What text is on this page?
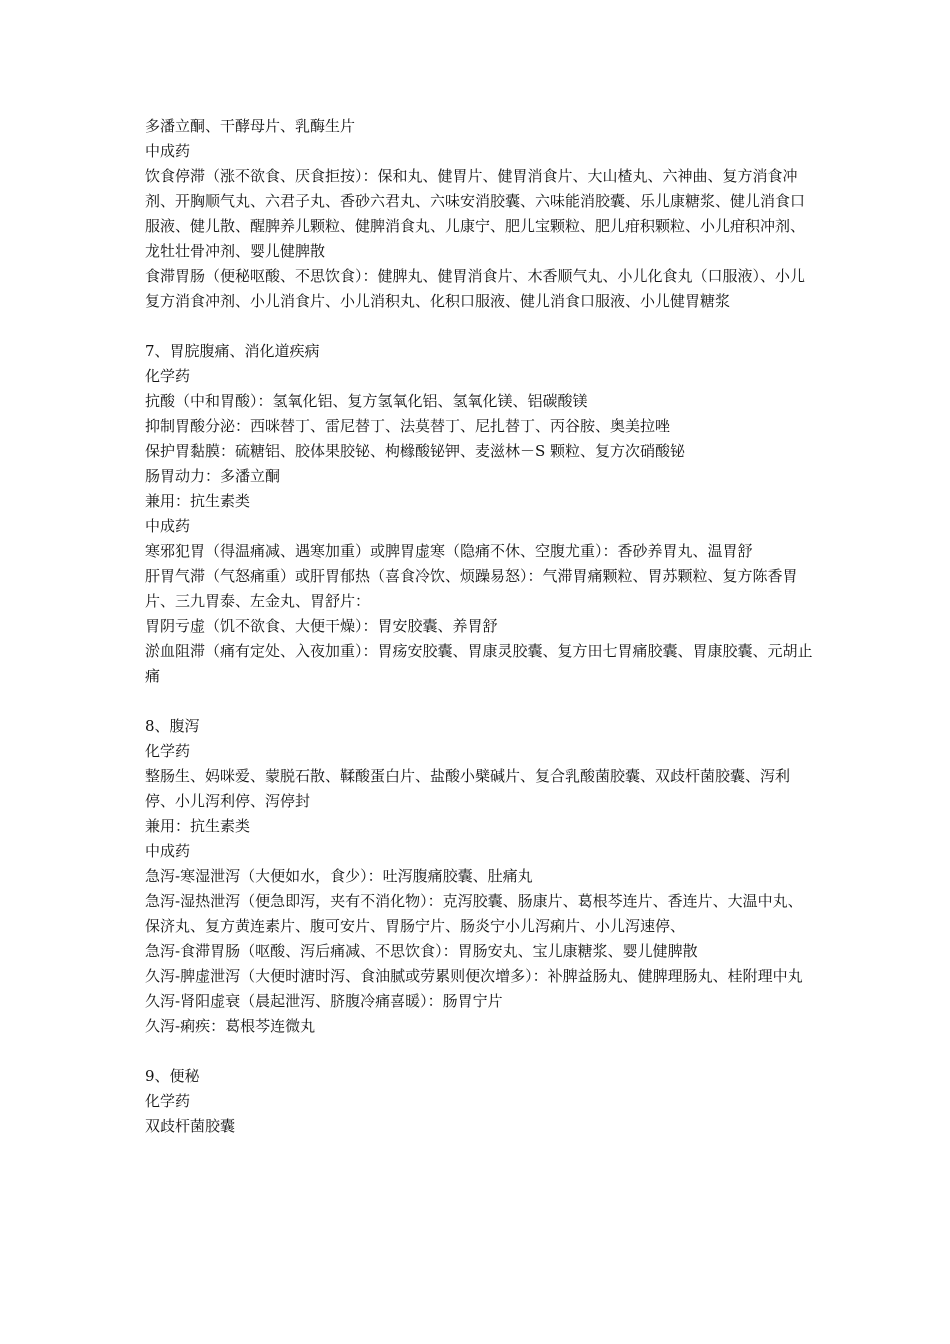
多潘立酮、干酵母片、乳酶生片

中成药

饮食停滞（涨不欲食、厌食拒按）：保和丸、健胃片、健胃消食片、大山楂丸、六神曲、复方消食冲剂、开胸顺气丸、六君子丸、香砂六君丸、六味安消胶囊、六味能消胶囊、乐儿康糖浆、健儿消食口服液、健儿散、醒脾养儿颗粒、健脾消食丸、儿康宁、肥儿宝颗粒、肥儿疳积颗粒、小儿疳积冲剂、龙牡壮骨冲剂、婴儿健脾散

食滞胃肠（便秘呕酸、不思饮食）：健脾丸、健胃消食片、木香顺气丸、小儿化食丸（口服液）、小儿复方消食冲剂、小儿消食片、小儿消积丸、化积口服液、健儿消食口服液、小儿健胃糖浆

7、胃脘腹痛、消化道疾病

化学药

抗酸（中和胃酸）：氢氧化铝、复方氢氧化铝、氢氧化镁、铝碳酸镁

抑制胃酸分泌：西咪替丁、雷尼替丁、法莫替丁、尼扎替丁、丙谷胺、奥美拉唑

保护胃黏膜：硫糖铝、胶体果胶铋、枸橼酸铋钾、麦滋林－S 颗粒、复方次硝酸铋

肠胃动力：多潘立酮

兼用：抗生素类

中成药

寒邪犯胃（得温痛减、遇寒加重）或脾胃虚寒（隐痛不休、空腹尤重）：香砂养胃丸、温胃舒

肝胃气滞（气怒痛重）或肝胃郁热（喜食冷饮、烦躁易怒）：气滞胃痛颗粒、胃苏颗粒、复方陈香胃片、三九胃泰、左金丸、胃舒片：

胃阴亏虚（饥不欲食、大便干燥）：胃安胶囊、养胃舒

淤血阻滞（痛有定处、入夜加重）：胃疡安胶囊、胃康灵胶囊、复方田七胃痛胶囊、胃康胶囊、元胡止痛

8、腹泻

化学药

整肠生、妈咪爱、蒙脱石散、鞣酸蛋白片、盐酸小檗碱片、复合乳酸菌胶囊、双歧杆菌胶囊、泻利停、小儿泻利停、泻停封

兼用：抗生素类

中成药

急泻-寒湿泄泻（大便如水，食少）：吐泻腹痛胶囊、肚痛丸

急泻-湿热泄泻（便急即泻，夹有不消化物）：克泻胶囊、肠康片、葛根芩连片、香连片、大温中丸、保济丸、复方黄连素片、腹可安片、胃肠宁片、肠炎宁小儿泻痢片、小儿泻速停、

急泻-食滞胃肠（呕酸、泻后痛减、不思饮食）：胃肠安丸、宝儿康糖浆、婴儿健脾散

久泻-脾虚泄泻（大便时溏时泻、食油腻或劳累则便次增多）：补脾益肠丸、健脾理肠丸、桂附理中丸

久泻-肾阳虚衰（晨起泄泻、脐腹冷痛喜暖）：肠胃宁片

久泻-痢疾：葛根芩连微丸

9、便秘

化学药

双歧杆菌胶囊
